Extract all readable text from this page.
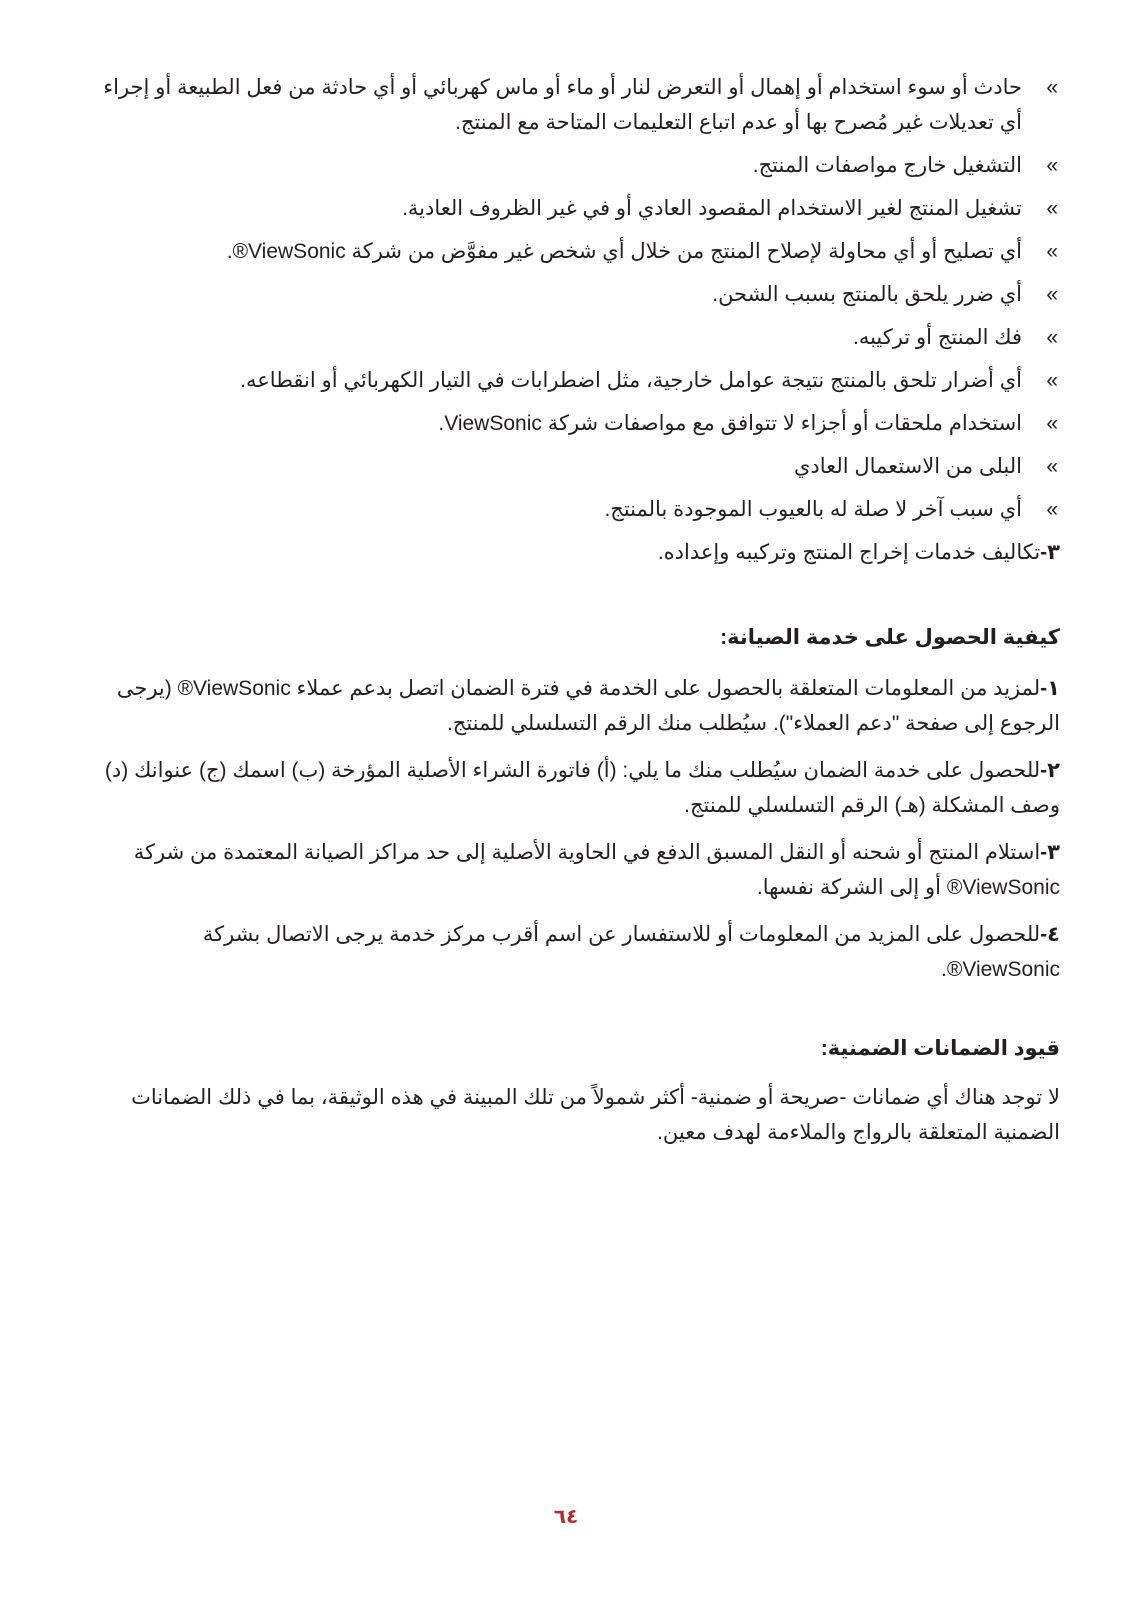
»
حادث أو سوء استخدام أو إهمال أو التعرض لنار أو ماء أو ماس كهربائي أو أي حادثة من فعل الطبيعة أو إجراء أي تعديلات غير مُصرح بها أو عدم اتباع التعليمات المتاحة مع المنتج.
»
التشغيل خارج مواصفات المنتج.
»
تشغيل المنتج لغير الاستخدام المقصود العادي أو في غير الظروف العادية.
»
أي تصليح أو أي محاولة لإصلاح المنتج من خلال أي شخص غير مفوَّض من شركة ViewSonic®.
»
أي ضرر يلحق بالمنتج بسبب الشحن.
»
فك المنتج أو تركيبه.
»
أي أضرار تلحق بالمنتج نتيجة عوامل خارجية، مثل اضطرابات في التيار الكهربائي أو انقطاعه.
»
استخدام ملحقات أو أجزاء لا تتوافق مع مواصفات شركة ViewSonic.
»
البلى من الاستعمال العادي
»
أي سبب آخر لا صلة له بالعيوب الموجودة بالمنتج.

٣-تكاليف خدمات إخراج المنتج وتركيبه وإعداده.

كيفية الحصول على خدمة الصيانة:
١-لمزيد من المعلومات المتعلقة بالحصول على الخدمة في فترة الضمان اتصل بدعم عملاء ViewSonic® (يرجى الرجوع إلى صفحة "دعم العملاء"). سيُطلب منك الرقم التسلسلي للمنتج.
٢-للحصول على خدمة الضمان سيُطلب منك ما يلي: (أ) فاتورة الشراء الأصلية المؤرخة (ب) اسمك (ج) عنوانك (د) وصف المشكلة (هـ) الرقم التسلسلي للمنتج.
٣-استلام المنتج أو شحنه أو النقل المسبق الدفع في الحاوية الأصلية إلى حد مراكز الصيانة المعتمدة من شركة ViewSonic® أو إلى الشركة نفسها.
٤-للحصول على المزيد من المعلومات أو للاستفسار عن اسم أقرب مركز خدمة يرجى الاتصال بشركة ViewSonic®.
قيود الضمانات الضمنية:

لا توجد هناك أي ضمانات -صريحة أو ضمنية- أكثر شمولاً من تلك المبينة في هذه الوثيقة، بما في ذلك الضمانات الضمنية المتعلقة بالرواج والملاءمة لهدف معين.

٦٤
